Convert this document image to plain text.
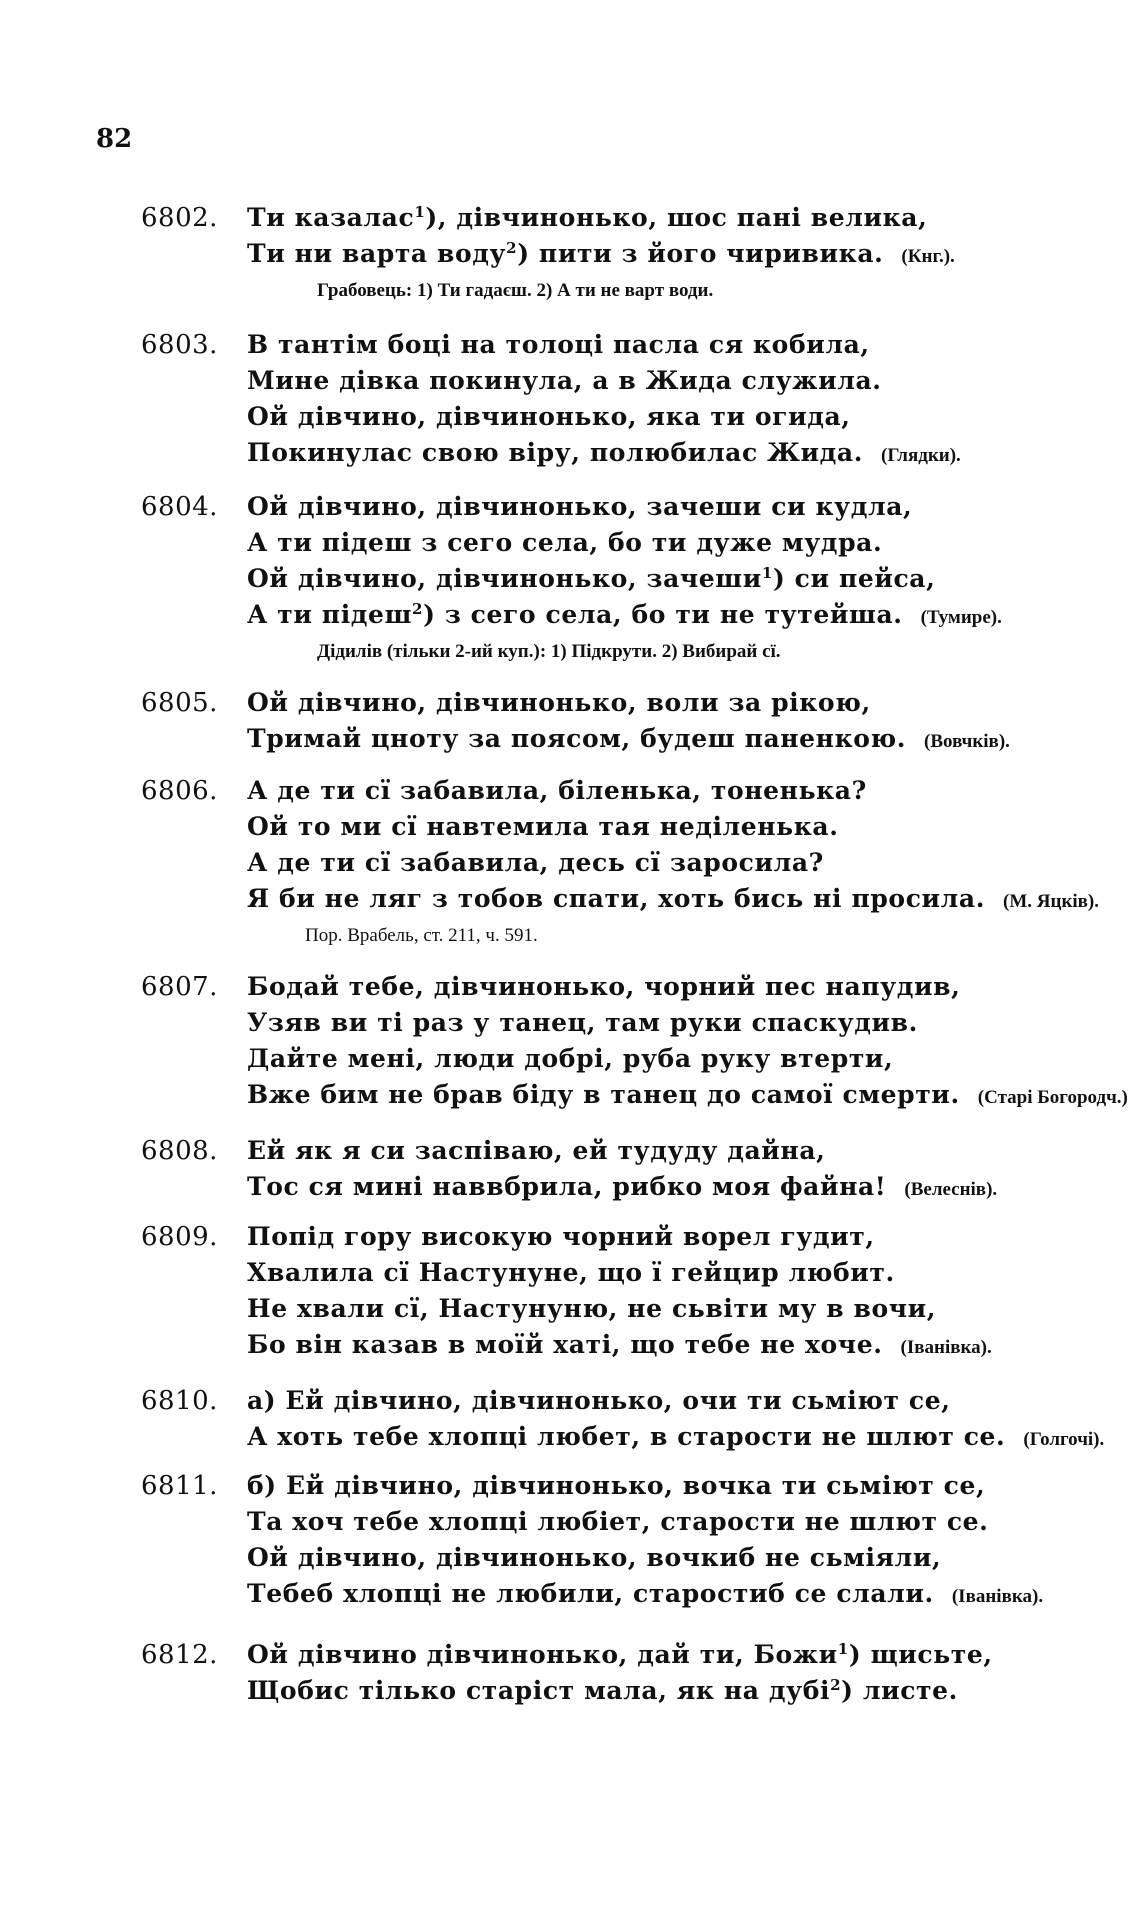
82
6802. Ти казалас$^1$), дівчинонько, шос пані велика,
Ти ни варта воду$^2$) пити з його чиривика. (Кнг.).
Грабовець: 1) Ти гадаєш. 2) А ти не варт води.
6803. В тантім боці на толоці пасла ся кобила,
Мине дівка покинула, а в Жида служила.
Ой дівчино, дівчинонько, яка ти огида,
Покинулас свою віру, полюбилас Жида. (Глядки).
6804. Ой дівчино, дівчинонько, зачеши си кудла,
А ти підеш з сего села, бо ти дуже мудра.
Ой дівчино, дівчинонько, зачеши$^1$) си пейса,
А ти підеш$^2$) з сего села, бо ти не тутейша. (Тумире).
Дідилів (тільки 2-ий куп.): 1) Підкрути. 2) Вибирай сї.
6805. Ой дівчино, дівчинонько, воли за рікою,
Тримай цноту за поясом, будеш паненкою. (Вовчків).
6806. А де ти сї забавила, біленька, тоненька?
Ой то ми сї навтемила тая неділенька.
А де ти сї забавила, десь сї заросила?
Я би не ляг з тобов спати, хоть бись ні просила. (М. Яцків).
Пор. Врабель, ст. 211, ч. 591.
6807. Бодай тебе, дівчинонько, чорний пес напудив,
Узяв ви ті раз у танец, там руки спаскудив.
Дайте мені, люди добрі, руба руку втерти,
Вже бим не брав біду в танец до самої смерти. (Старі Богородч.)
6808. Ей як я си заспіваю, ей тудуду дайна,
Тос ся мині наввбрила, рибко моя файна! (Велеснів).
6809. Попід гору високую чорний ворел гудит,
Хвалила сї Настунуне, що ї гейцир любит.
Не хвали сї, Настунуню, не сьвіти му в вочи,
Бо він казав в моїй хаті, що тебе не хоче. (Іванівка).
6810. а) Ей дівчино, дівчинонько, очи ти сьміют се,
А хоть тебе хлопці любет, в старости не шлют се. (Голгочі).
6811. б) Ей дівчино, дівчинонько, вочка ти сьміют се,
Та хоч тебе хлопці любіет, старости не шлют се.
Ой дівчино, дівчинонько, вочкиб не сьміяли,
Тебеб хлопці не любили, старостиб се слали. (Іванівка).
6812. Ой дівчино дівчинонько, дай ти, Божи$^1$) щисьте,
Щобис тілько старіст мала, як на дубі$^2$) листе.
